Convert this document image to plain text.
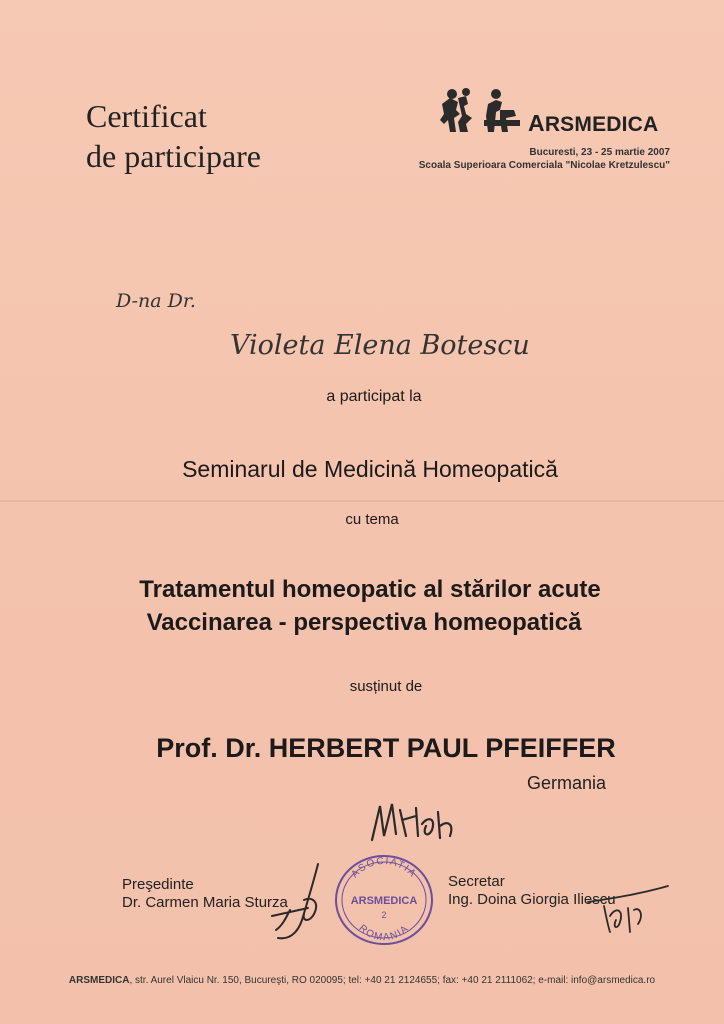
Certificat
de participare
ARSMEDICA
Bucuresti, 23 - 25 martie 2007
Scoala Superioara Comerciala "Nicolae Kretzulescu"
D-na Dr.
Violeta Elena Botescu
a participat la
Seminarul de Medicină Homeopatică
cu tema
Tratamentul homeopatic al stărilor acute
Vaccinarea - perspectiva homeopatică
susținut de
Prof. Dr. HERBERT PAUL PFEIFFER
Germania
Preşedinte
Dr. Carmen Maria Sturza
ASOCIATIA
ARSMEDICA
2
ROMANIA
Secretar
Ing. Doina Giorgia Iliescu
ARSMEDICA, str. Aurel Vlaicu Nr. 150, Bucureşti, RO 020095; tel: +40 21 2124655; fax: +40 21 2111062; e-mail: info@arsmedica.ro
